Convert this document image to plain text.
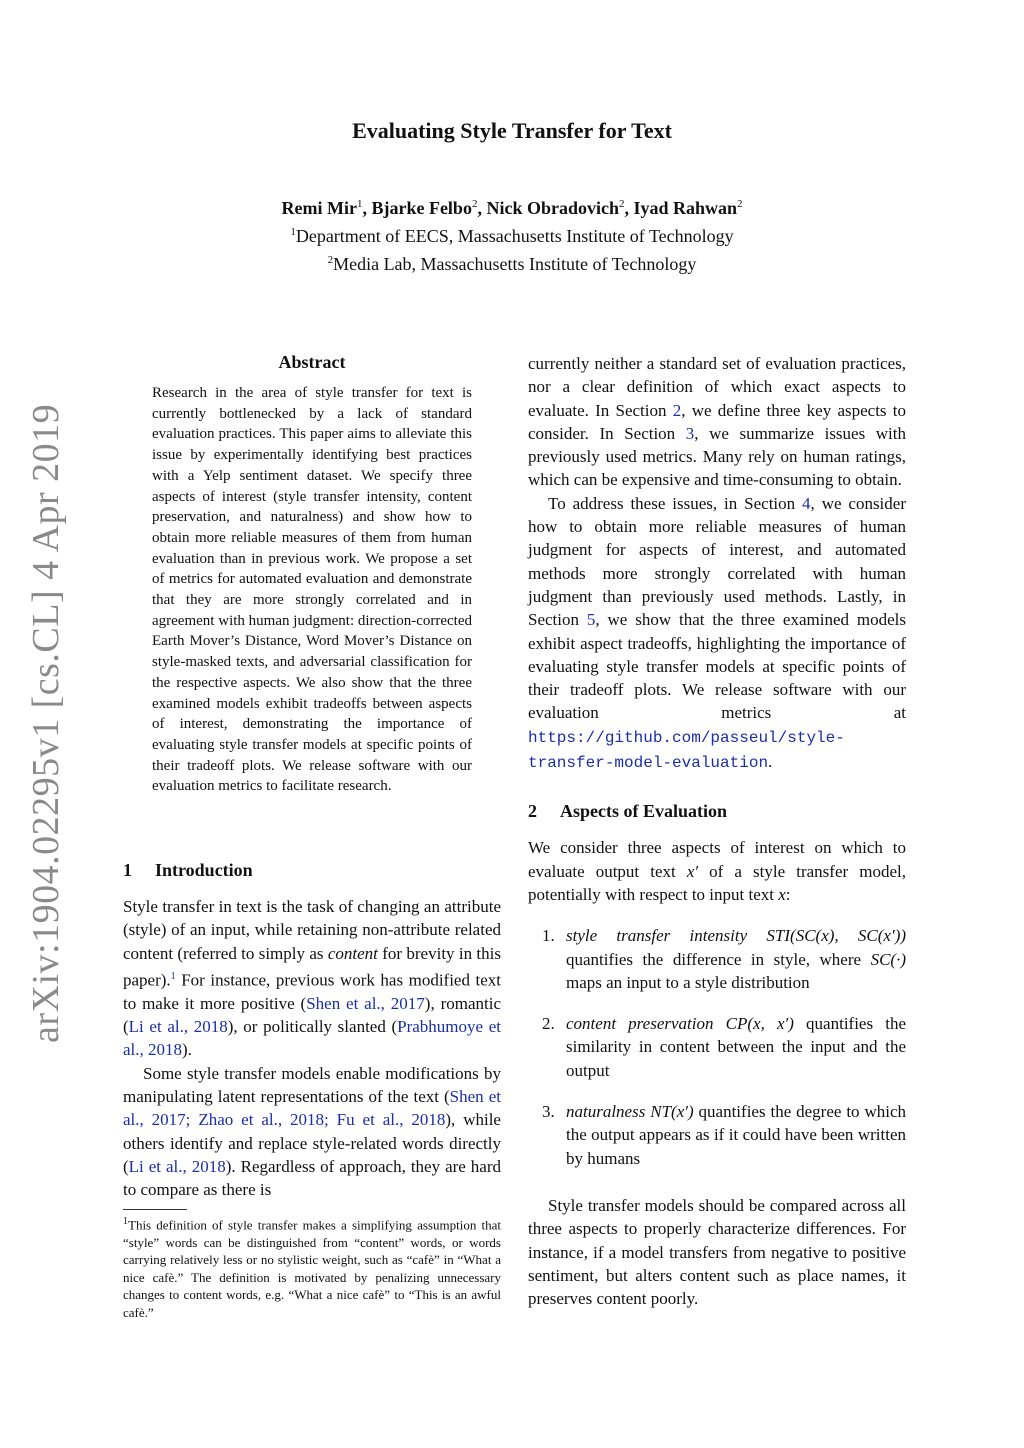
Evaluating Style Transfer for Text
Remi Mir$^1$, Bjarke Felbo$^2$, Nick Obradovich$^2$, Iyad Rahwan$^2$
$^1$Department of EECS, Massachusetts Institute of Technology
$^2$Media Lab, Massachusetts Institute of Technology
arXiv:1904.02295v1 [cs.CL] 4 Apr 2019
Abstract

Research in the area of style transfer for text is currently bottlenecked by a lack of standard evaluation practices. This paper aims to alleviate this issue by experimentally identifying best practices with a Yelp sentiment dataset. We specify three aspects of interest (style transfer intensity, content preservation, and naturalness) and show how to obtain more reliable measures of them from human evaluation than in previous work. We propose a set of metrics for automated evaluation and demonstrate that they are more strongly correlated and in agreement with human judgment: direction-corrected Earth Mover’s Distance, Word Mover’s Distance on style-masked texts, and adversarial classification for the respective aspects. We also show that the three examined models exhibit tradeoffs between aspects of interest, demonstrating the importance of evaluating style transfer models at specific points of their tradeoff plots. We release software with our evaluation metrics to facilitate research.

1 Introduction

Style transfer in text is the task of changing an attribute (style) of an input, while retaining non-attribute related content (referred to simply as content for brevity in this paper).$^1$ For instance, previous work has modified text to make it more positive (Shen et al., 2017), romantic (Li et al., 2018), or politically slanted (Prabhumoye et al., 2018).

Some style transfer models enable modifications by manipulating latent representations of the text (Shen et al., 2017; Zhao et al., 2018; Fu et al., 2018), while others identify and replace style-related words directly (Li et al., 2018). Regardless of approach, they are hard to compare as there is

$^1$This definition of style transfer makes a simplifying assumption that “style” words can be distinguished from “content” words, or words carrying relatively less or no stylistic weight, such as “cafè” in “What a nice cafè.” The definition is motivated by penalizing unnecessary changes to content words, e.g. “What a nice cafè” to “This is an awful cafè.”

currently neither a standard set of evaluation practices, nor a clear definition of which exact aspects to evaluate. In Section 2, we define three key aspects to consider. In Section 3, we summarize issues with previously used metrics. Many rely on human ratings, which can be expensive and time-consuming to obtain.

To address these issues, in Section 4, we consider how to obtain more reliable measures of human judgment for aspects of interest, and automated methods more strongly correlated with human judgment than previously used methods. Lastly, in Section 5, we show that the three examined models exhibit aspect tradeoffs, highlighting the importance of evaluating style transfer models at specific points of their tradeoff plots. We release software with our evaluation metrics at https://github.com/passeul/style-transfer-model-evaluation.

2 Aspects of Evaluation

We consider three aspects of interest on which to evaluate output text x′ of a style transfer model, potentially with respect to input text x:

1. style transfer intensity STI(SC(x), SC(x′)) quantifies the difference in style, where SC(·) maps an input to a style distribution
2. content preservation CP(x, x′) quantifies the similarity in content between the input and the output
3. naturalness NT(x′) quantifies the degree to which the output appears as if it could have been written by humans

Style transfer models should be compared across all three aspects to properly characterize differences. For instance, if a model transfers from negative to positive sentiment, but alters content such as place names, it preserves content poorly.
